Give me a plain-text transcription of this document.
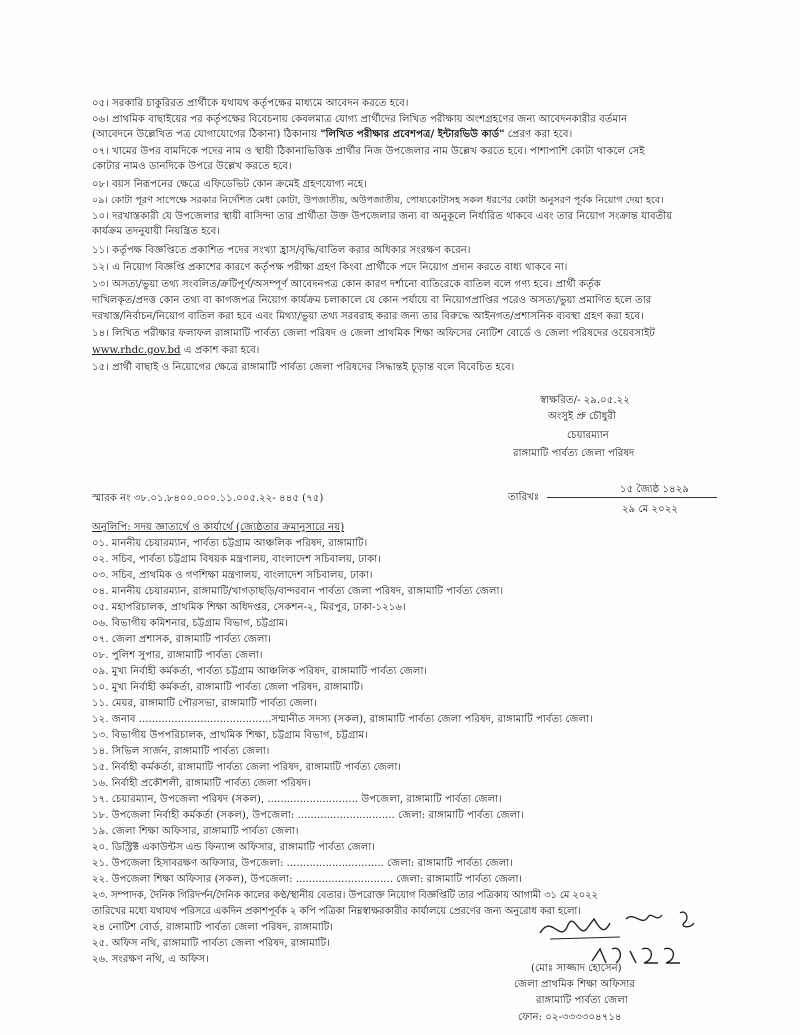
০৫। সরকারি চাকুরিরত প্রার্থীকে যথাযথ কর্তৃপক্ষের মাধ্যমে আবেদন করতে হবে।
০৬। প্রাথমিক বাছাইয়ের পর কর্তৃপক্ষের বিবেচনায় কেবলমাত্র যোগ্য প্রার্থীদের লিখিত পরীক্ষায় অংশগ্রহণের জন্য আবেদনকারীর বর্তমান
(আবেদনে উল্লেখিত পত্র যোগাযোগের ঠিকানা) ঠিকানায় "লিখিত পরীক্ষার প্রবেশপত্র/ ইন্টারভিউ কার্ড" প্রেরণ করা হবে।
০৭। খামের উপর বামদিকে পদের নাম ও স্থায়ী ঠিকানাভিত্তিক প্রার্থীর নিজ উপজেলার নাম উল্লেখ করতে হবে। পাশাপাশি কোটা থাকলে সেই
কোটার নামও ডানদিকে উপরে উল্লেখ করতে হবে।
০৮। বয়স নিরূপনের ক্ষেত্রে এফিডেভিট কোন ক্রমেই গ্রহণযোগ্য নহে।
০৯। কোটা পূরণ সাপেক্ষে সরকার নির্দেশিত মেধা কোটা, উপজাতীয়, অউপজাতীয়, পোষ্যকোটাসহ সকল ধরণের কোটা অনুসরণ পূর্বক নিয়োগ দেয়া হবে।
১০। দরখাস্তকারী যে উপজেলার স্থায়ী বাসিন্দা তার প্রার্থীতা উক্ত উপজেলার জন্য বা অনুকূলে নির্ধারিত থাকবে এবং তার নিয়োগ সংক্রান্ত যাবতীয়
কার্যক্রম তদনুযায়ী নিয়ন্ত্রিত হবে।
১১। কর্তৃপক্ষ বিজ্ঞপ্তিতে প্রকাশিত পদের সংখ্যা হ্রাস/বৃদ্ধি/বাতিল করার অধিকার সংরক্ষণ করেন।
১২। এ নিয়োগ বিজ্ঞপ্তি প্রকাশের কারণে কর্তৃপক্ষ পরীক্ষা গ্রহণ কিংবা প্রার্থীকে পদে নিয়োগ প্রদান করতে বাধ্য থাকবে না।
১৩। অসত্য/ভুয়া তথ্য সংবলিত/ক্রটিপূর্ণ/অসম্পূর্ণ আবেদনপত্র কোন কারণ দর্শানো ব্যতিরেকে বাতিল বলে গণ্য হবে। প্রার্থী কর্তৃক
দাখিলকৃত/প্রদত্ত কোন তথ্য বা কাগজপত্র নিয়োগ কার্যক্রম চলাকালে যে কোন পর্যায়ে বা নিয়োগপ্রাপ্তির পরেও অসত্য/ভুয়া প্রমাণিত হলে তার
দরখাস্ত/নির্বাচন/নিয়োগ বাতিল করা হবে এবং মিথ্যা/ভুয়া তথ্য সরবরাহ করার জন্য তার বিরুদ্ধে আইনগত/প্রশাসনিক ব্যবস্থা গ্রহণ করা হবে।
১৪। লিখিত পরীক্ষার ফলাফল রাঙ্গামাটি পার্বত্য জেলা পরিষদ ও জেলা প্রাথমিক শিক্ষা অফিসের নোটিশ বোর্ডে ও জেলা পরিষদের ওয়েবসাইট
www.rhdc.gov.bd এ প্রকাশ করা হবে।
১৫। প্রার্থী বাছাই ও নিয়োগের ক্ষেত্রে রাঙ্গামাটি পার্বত্য জেলা পরিষদের সিদ্ধান্তই চূড়ান্ত বলে বিবেচিত হবে।
স্বাক্ষরিত/- ২৯.০৫.২২
অংসুই প্রু চৌধুরী
চেয়ারম্যান
রাঙ্গামাটি পার্বত্য জেলা পরিষদ
স্মারক নং ৩৮.০১.৮৪০০.০০০.১১.০০৫.২২- ৪৪৫ (৭৫)	তারিখঃ
১৫ জ্যৈষ্ঠ ১৪২৯
২৯ মে ২০২২
অনুলিপি: সদয় জ্ঞাতার্থে ও কার্যার্থে (জ্যেষ্ঠতার ক্রমানুসারে নয়)
০১. মাননীয় চেয়ারম্যান, পার্বত্য চট্টগ্রাম আঞ্চলিক পরিষদ, রাঙ্গামাটি।
০২. সচিব, পার্বত্য চট্টগ্রাম বিষয়ক মন্ত্রণালয়, বাংলাদেশ সচিবালয়, ঢাকা।
০৩. সচিব, প্রাথমিক ও গণশিক্ষা মন্ত্রণালয়, বাংলাদেশ সচিবালয়, ঢাকা।
০৪. মাননীয় চেয়ারম্যান, রাঙ্গামাটি/খাগড়াছড়ি/বান্দরবান পার্বত্য জেলা পরিষদ, রাঙ্গামাটি পার্বত্য জেলা।
০৫. মহাপরিচালক, প্রাথমিক শিক্ষা অধিদপ্তর, সেকশন-২, মিরপুর, ঢাকা-১২১৬।
০৬. বিভাগীয় কমিশনার, চট্টগ্রাম বিভাগ, চট্টগ্রাম।
০৭. জেলা প্রশাসক, রাঙ্গামাটি পার্বত্য জেলা।
০৮. পুলিশ সুপার, রাঙ্গামাটি পার্বত্য জেলা।
০৯. মুখ্য নির্বাহী কর্মকর্তা, পার্বত্য চট্টগ্রাম আঞ্চলিক পরিষদ, রাঙ্গামাটি পার্বত্য জেলা।
১০. মুখ্য নির্বাহী কর্মকর্তা, রাঙ্গামাটি পার্বত্য জেলা পরিষদ, রাঙ্গামাটি।
১১. মেয়র, রাঙ্গামাটি পৌরসভা, রাঙ্গামাটি পার্বত্য জেলা।
১২. জনাব .........................................সম্মানীত সদস্য (সকল), রাঙ্গামাটি পার্বত্য জেলা পরিষদ, রাঙ্গামাটি পার্বত্য জেলা।
১৩. বিভাগীয় উপপরিচালক, প্রাথমিক শিক্ষা, চট্টগ্রাম বিভাগ, চট্টগ্রাম।
১৪. সিভিল সার্জন, রাঙ্গামাটি পার্বত্য জেলা।
১৫. নির্বাহী কর্মকর্তা, রাঙ্গামাটি পার্বত্য জেলা পরিষদ, রাঙ্গামাটি পার্বত্য জেলা।
১৬. নির্বাহী প্রকৌশলী, রাঙ্গামাটি পার্বত্য জেলা পরিষদ।
১৭. চেয়ারম্যান, উপজেলা পরিষদ (সকল), ............................ উপজেলা, রাঙ্গামাটি পার্বত্য জেলা।
১৮. উপজেলা নির্বাহী কর্মকর্তা (সকল), উপজেলা: .............................. জেলা: রাঙ্গামাটি পার্বত্য জেলা।
১৯. জেলা শিক্ষা অফিসার, রাঙ্গামাটি পার্বত্য জেলা।
২০. ডিস্ট্রিক্ট একাউন্টস এন্ড ফিন্যান্স অফিসার, রাঙ্গামাটি পার্বত্য জেলা।
২১. উপজেলা হিসাবরক্ষণ অফিসার, উপজেলা: .............................. জেলা: রাঙ্গামাটি পার্বত্য জেলা।
২২. উপজেলা শিক্ষা অফিসার (সকল), উপজেলা: .............................. জেলা: রাঙ্গামাটি পার্বত্য জেলা।
২৩. সম্পাদক, দৈনিক গিরিদর্পন/দৈনিক কালের কণ্ঠ/স্থানীয় বেতার। উপরোক্ত নিয়োগ বিজ্ঞপ্তিটি তার পত্রিকায় আগামী ৩১ মে ২০২২
তারিখের মধ্যে যথাযথ পরিসরে একদিন প্রকাশপূর্বক ২ কপি পত্রিকা নিম্নস্বাক্ষরকারীর কার্যালয়ে প্রেরণের জন্য অনুরোধ করা হলো।
২৪ নোটিশ বোর্ড, রাঙ্গামাটি পার্বত্য জেলা পরিষদ, রাঙ্গামাটি।
২৫. অফিস নথি, রাঙ্গামাটি পার্বত্য জেলা পরিষদ, রাঙ্গামাটি।
২৬. সংরক্ষণ নথি, এ অফিস।
(মোঃ সাজ্জাদ হোসেন)
জেলা প্রাথমিক শিক্ষা অফিসার
রাঙ্গামাটি পার্বত্য জেলা
ফোন: ০২-৩৩৩৩০৪৭১৪
